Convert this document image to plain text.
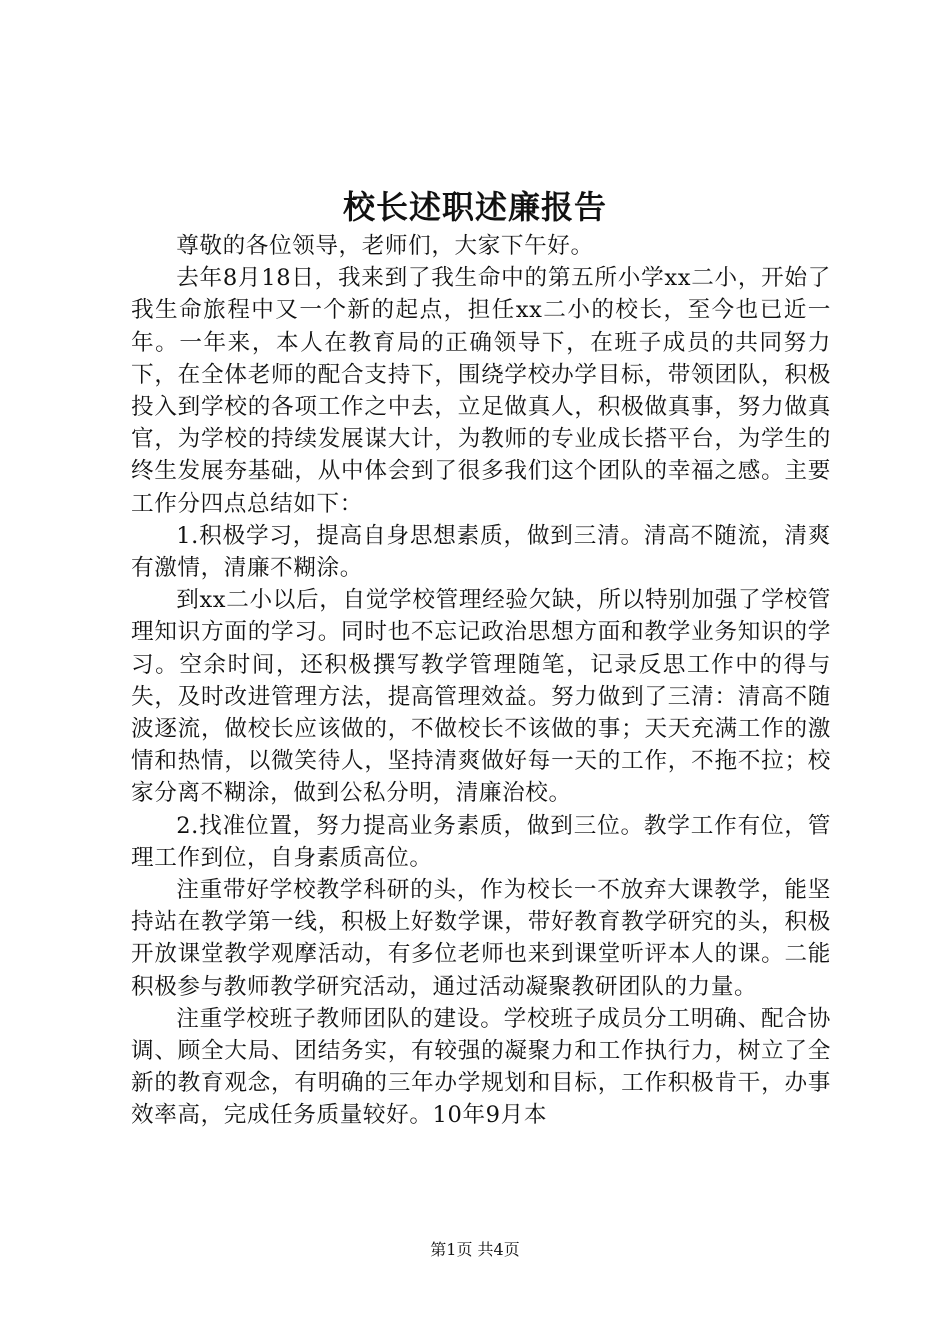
校长述职述廉报告

尊敬的各位领导，老师们，大家下午好。

去年8月18日，我来到了我生命中的第五所小学xx二小，开始了我生命旅程中又一个新的起点，担任xx二小的校长，至今也已近一年。一年来，本人在教育局的正确领导下，在班子成员的共同努力下，在全体老师的配合支持下，围绕学校办学目标，带领团队，积极投入到学校的各项工作之中去，立足做真人，积极做真事，努力做真官，为学校的持续发展谋大计，为教师的专业成长搭平台，为学生的终生发展夯基础，从中体会到了很多我们这个团队的幸福之感。主要工作分四点总结如下：

1.积极学习，提高自身思想素质，做到三清。清高不随流，清爽有激情，清廉不糊涂。

到xx二小以后，自觉学校管理经验欠缺，所以特别加强了学校管理知识方面的学习。同时也不忘记政治思想方面和教学业务知识的学习。空余时间，还积极撰写教学管理随笔，记录反思工作中的得与失，及时改进管理方法，提高管理效益。努力做到了三清：清高不随波逐流，做校长应该做的，不做校长不该做的事；天天充满工作的激情和热情，以微笑待人，坚持清爽做好每一天的工作，不拖不拉；校家分离不糊涂，做到公私分明，清廉治校。

2.找准位置，努力提高业务素质，做到三位。教学工作有位，管理工作到位，自身素质高位。

注重带好学校教学科研的头，作为校长一不放弃大课教学，能坚持站在教学第一线，积极上好数学课，带好教育教学研究的头，积极开放课堂教学观摩活动，有多位老师也来到课堂听评本人的课。二能积极参与教师教学研究活动，通过活动凝聚教研团队的力量。

注重学校班子教师团队的建设。学校班子成员分工明确、配合协调、顾全大局、团结务实，有较强的凝聚力和工作执行力，树立了全新的教育观念，有明确的三年办学规划和目标，工作积极肯干，办事效率高，完成任务质量较好。10年9月本

第1页 共4页
